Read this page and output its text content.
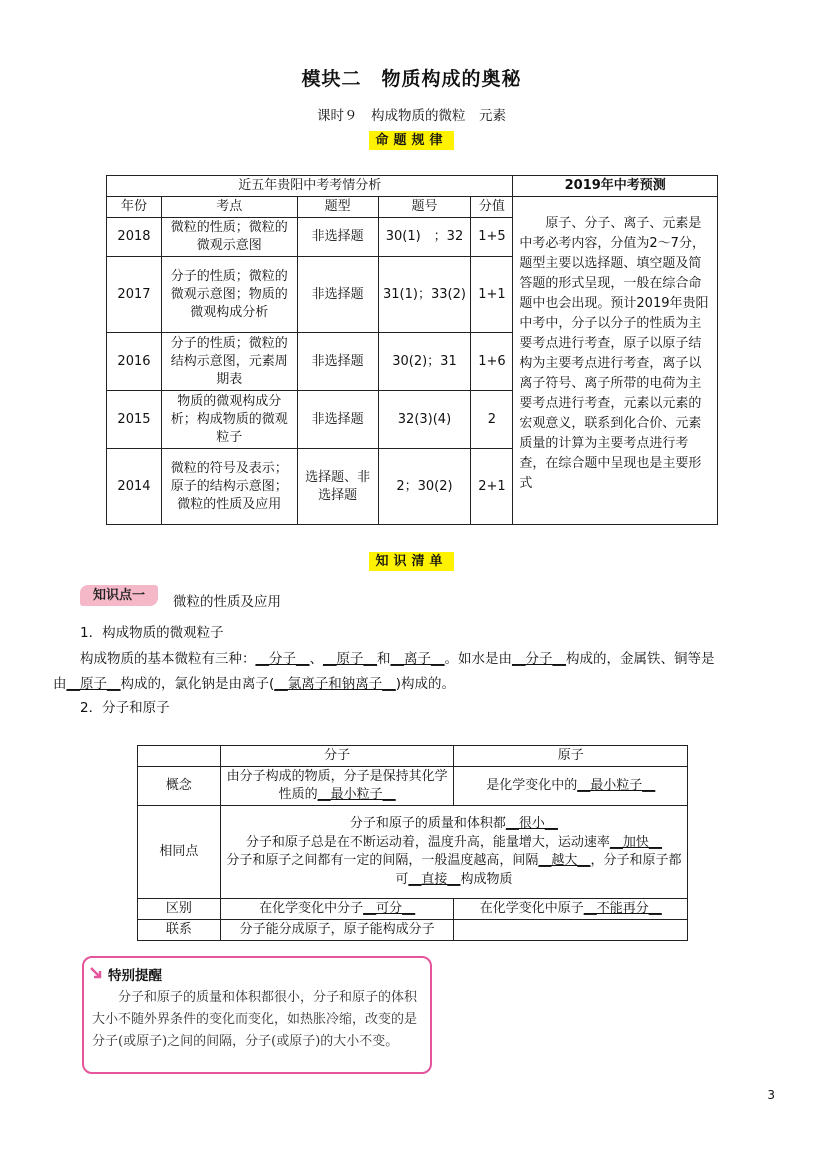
模块二　物质构成的奥秘
课时９　构成物质的微粒　元素
命题规律
近五年贵阳中考考情分析					2019年中考预测
年份	考点	题型	题号	分值	原子、分子、离子、元素是中考必考内容，分值为2～7分，题型主要以选择题、填空题及简答题的形式呈现，一般在综合命题中也会出现。预计2019年贵阳中考中，分子以分子的性质为主要考点进行考查，原子以原子结构为主要考点进行考查，离子以离子符号、离子所带的电荷为主要考点进行考查，元素以元素的宏观意义，联系到化合价、元素质量的计算为主要考点进行考查，在综合题中呈现也是主要形式
2018	微粒的性质；微粒的微观示意图	非选择题	30(1)　；32	1+5	
2017	分子的性质；微粒的微观示意图；物质的微观构成分析	非选择题	31(1)；33(2)	1+1	
2016	分子的性质；微粒的结构示意图，元素周期表	非选择题	30(2)；31	1+6	
2015	物质的微观构成分析；构成物质的微观粒子	非选择题	32(3)(4)	2	
2014	微粒的符号及表示；原子的结构示意图；微粒的性质及应用	选择题、非选择题	2；30(2)	2+1	
知识清单
知识点一	微粒的性质及应用
1．构成物质的微观粒子
构成物质的基本微粒有三种：__分子__、__原子__和__离子__。如水是由__分子__构成的，金属铁、铜等是
由__原子__构成的，氯化钠是由离子(__氯离子和钠离子__)构成的。
2．分子和原子
	分子	原子
概念	由分子构成的物质，分子是保持其化学性质的__最小粒子__	是化学变化中的__最小粒子__
相同点	分子和原子的质量和体积都__很小__
分子和原子总是在不断运动着，温度升高，能量增大，运动速率__加快__
分子和原子之间都有一定的间隔，一般温度越高，间隔__越大__，分子和原子都可__直接__构成物质	

区别	在化学变化中分子__可分__	在化学变化中原子__不能再分__
联系	分子能分成原子，原子能构成分子	
特别提醒
分子和原子的质量和体积都很小，分子和原子的体积大小不随外界条件的变化而变化，如热胀冷缩，改变的是分子(或原子)之间的间隔，分子(或原子)的大小不变。
3
